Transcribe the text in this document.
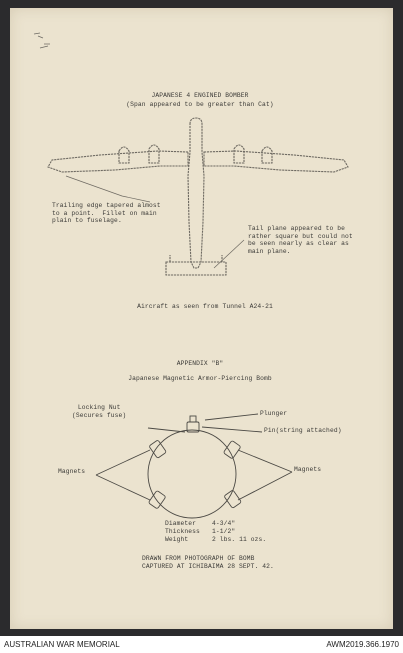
JAPANESE 4 ENGINED BOMBER
(Span appeared to be greater than Cat)
Trailing edge tapered almost
to a point.  Fillet on main
plain to fuselage.
Tail plane appeared to be
rather square but could not
be seen nearly as clear as
main plane.
Aircraft as seen from Tunnel A24-21
APPENDIX "B"
Japanese Magnetic Armor-Piercing Bomb
Locking Nut
(Secures fuse)	Plunger
Pin(string attached)
Magnets	Magnets
Diameter	4-3/4"
Thickness 1-1/2"
Weight	2 lbs. 11 ozs.
DRAWN FROM PHOTOGRAPH OF BOMB
CAPTURED AT ICHIBAIMA 28 SEPT. 42.
AUSTRALIAN WAR MEMORIAL	AWM2019.366.1970
